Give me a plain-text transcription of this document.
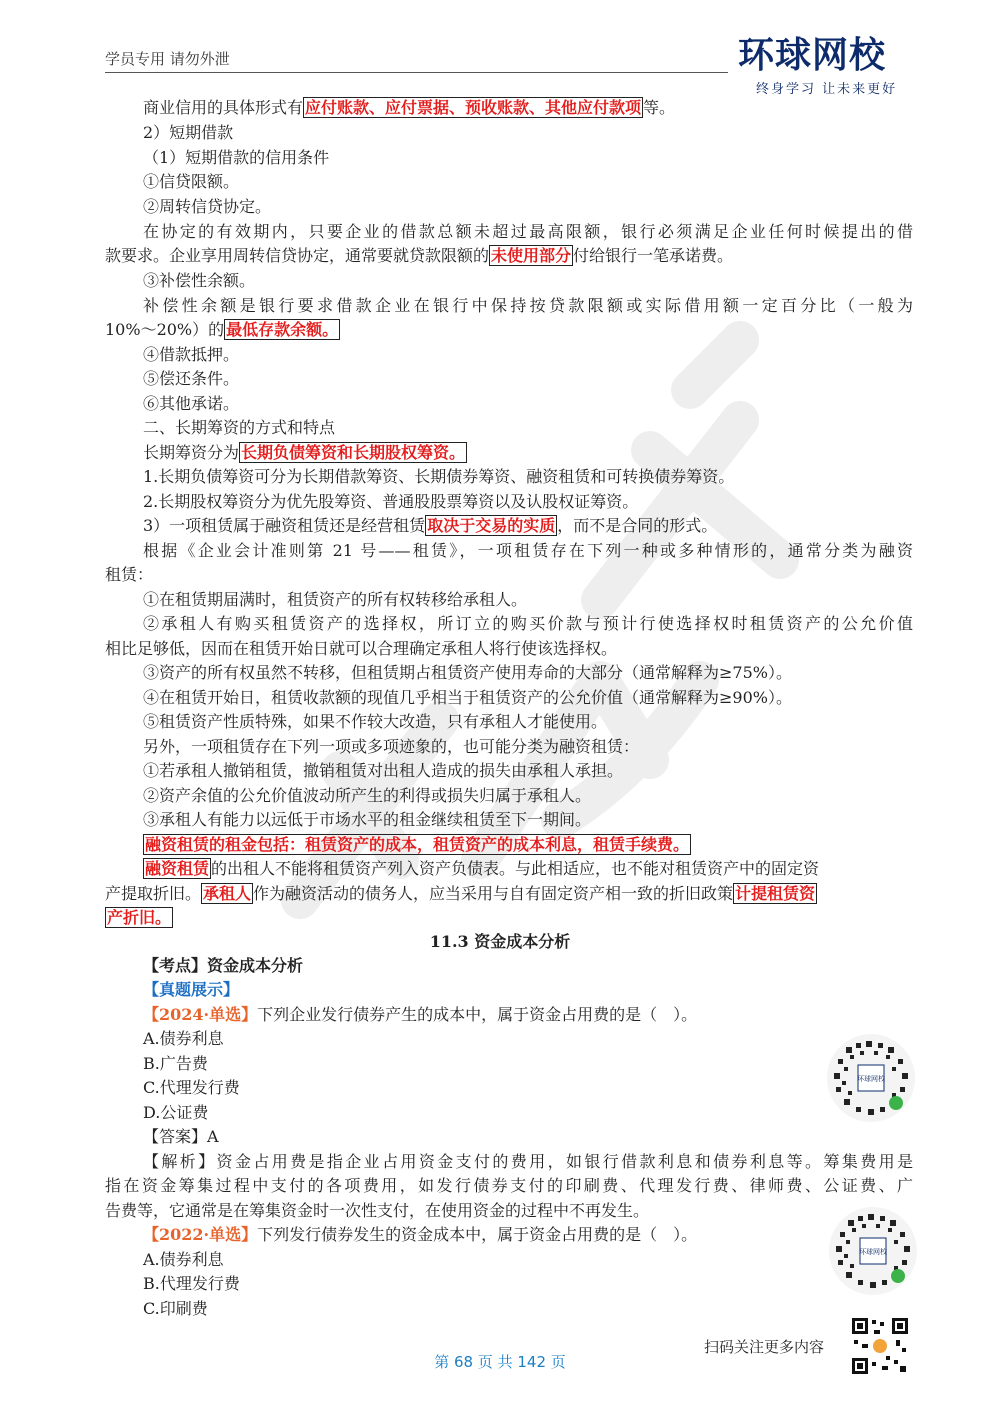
学员专用 请勿外泄	环球网校
终身学习 让未来更好
商业信用的具体形式有 应付账款、应付票据、预收账款、其他应付款项 等。
2）短期借款
（1）短期借款的信用条件
①信贷限额。
②周转信贷协定。
在协定的有效期内，只要企业的借款总额未超过最高限额，银行必须满足企业任何时候提出的借
款要求。企业享用周转信贷协定，通常要就贷款限额的 未使用部分 付给银行一笔承诺费。
③补偿性余额。
补偿性余额是银行要求借款企业在银行中保持按贷款限额或实际借用额一定百分比（一般为
10%～20%）的 最低存款余额。
④借款抵押。
⑤偿还条件。
⑥其他承诺。
二、长期筹资的方式和特点
长期筹资分为 长期负债筹资和长期股权筹资。
1.长期负债筹资可分为长期借款筹资、长期债券筹资、融资租赁和可转换债券筹资。
2.长期股权筹资分为优先股筹资、普通股股票筹资以及认股权证筹资。
3）一项租赁属于融资租赁还是经营租赁 取决于交易的实质 ，而不是合同的形式。
根据《企业会计准则第 21 号——租赁》，一项租赁存在下列一种或多种情形的，通常分类为融资
租赁：
①在租赁期届满时，租赁资产的所有权转移给承租人。
②承租人有购买租赁资产的选择权，所订立的购买价款与预计行使选择权时租赁资产的公允价值
相比足够低，因而在租赁开始日就可以合理确定承租人将行使该选择权。
③资产的所有权虽然不转移，但租赁期占租赁资产使用寿命的大部分（通常解释为≥75%）。
④在租赁开始日，租赁收款额的现值几乎相当于租赁资产的公允价值（通常解释为≥90%）。
⑤租赁资产性质特殊，如果不作较大改造，只有承租人才能使用。
另外，一项租赁存在下列一项或多项迹象的，也可能分类为融资租赁：
①若承租人撤销租赁，撤销租赁对出租人造成的损失由承租人承担。
②资产余值的公允价值波动所产生的利得或损失归属于承租人。
③承租人有能力以远低于市场水平的租金继续租赁至下一期间。
融资租赁的租金包括：租赁资产的成本，租赁资产的成本利息，租赁手续费。
融资租赁 的出租人不能将租赁资产列入资产负债表。与此相适应，也不能对租赁资产中的固定资
产提取折旧。 承租人 作为融资活动的债务人，应当采用与自有固定资产相一致的折旧政策 计提租赁资
产折旧。
11.3 资金成本分析
【考点】资金成本分析
【真题展示】
【2024·单选】下列企业发行债券产生的成本中，属于资金占用费的是（　）。
A.债券利息
B.广告费
C.代理发行费
D.公证费
【答案】A
【解析】资金占用费是指企业占用资金支付的费用，如银行借款利息和债券利息等。筹集费用是
指在资金筹集过程中支付的各项费用，如发行债券支付的印刷费、代理发行费、律师费、公证费、广
告费等，它通常是在筹集资金时一次性支付，在使用资金的过程中不再发生。
【2022·单选】下列发行债券发生的资金成本中，属于资金占用费的是（　）。
A.债券利息
B.代理发行费
C.印刷费
环球网校
环球网校
扫码关注更多内容
第 68 页 共 142 页
